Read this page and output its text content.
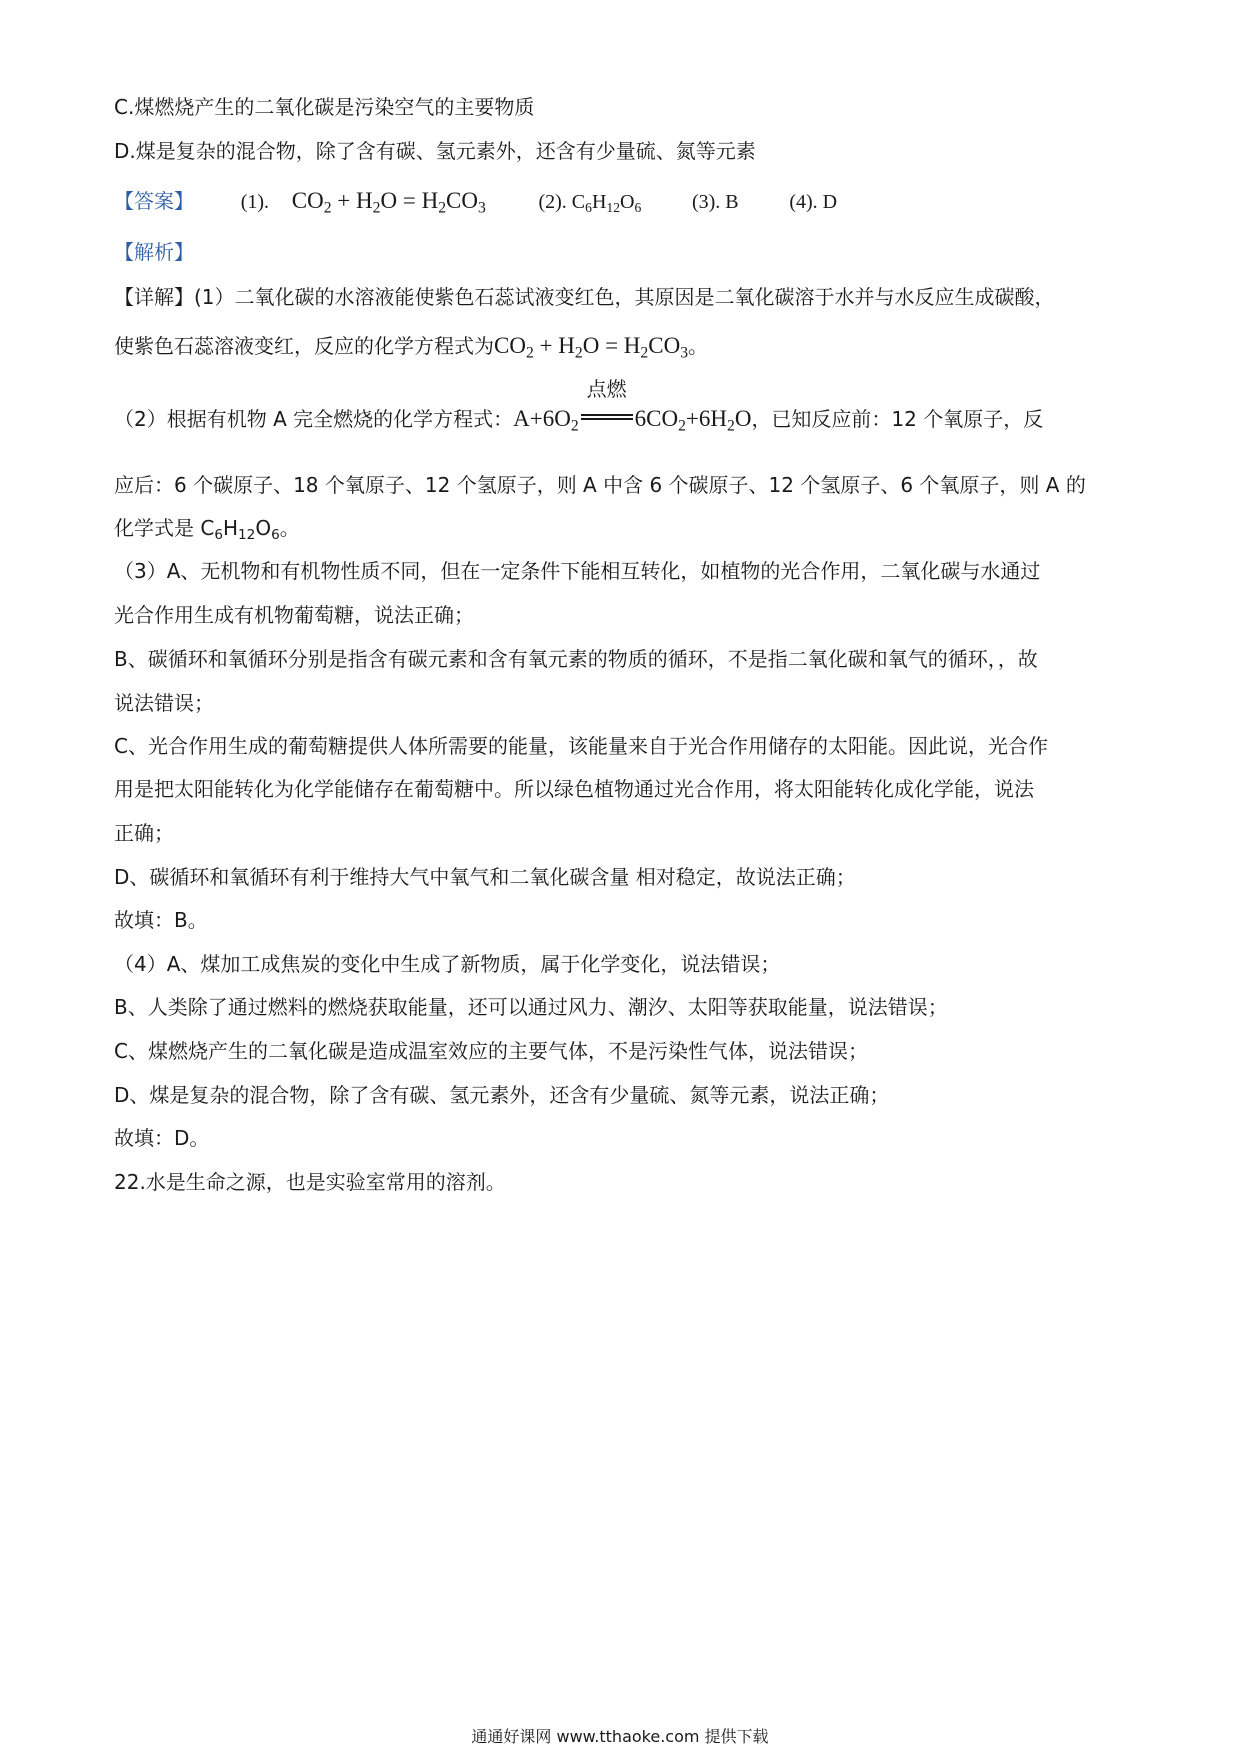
C.煤燃烧产生的二氧化碳是污染空气的主要物质
D.煤是复杂的混合物，除了含有碳、氢元素外，还含有少量硫、氮等元素
【答案】 (1). $CO_2 + H_2O = H_2CO_3$	(2). $C_6H_{12}O_6$	(3). B	(4). D
【解析】
【详解】(1）二氧化碳的水溶液能使紫色石蕊试液变红色，其原因是二氧化碳溶于水并与水反应生成碳酸，
使紫色石蕊溶液变红，反应的化学方程式为$CO_2 + H_2O = H_2CO_3$。
（2）根据有机物 A 完全燃烧的化学方程式：$A+6O_2$
点燃
$6CO_2+6H_2O$，已知反应前：12 个氧原子，反
应后：6 个碳原子、18 个氧原子、12 个氢原子，则 A 中含 6 个碳原子、12 个氢原子、6 个氧原子，则 A 的
化学式是 $C_6H_{12}O_6$。
（3）A、无机物和有机物性质不同，但在一定条件下能相互转化，如植物的光合作用，二氧化碳与水通过
光合作用生成有机物葡萄糖，说法正确；
B、碳循环和氧循环分别是指含有碳元素和含有氧元素的物质的循环，不是指二氧化碳和氧气的循环，，故
说法错误；
C、光合作用生成的葡萄糖提供人体所需要的能量，该能量来自于光合作用储存的太阳能。因此说，光合作
用是把太阳能转化为化学能储存在葡萄糖中。所以绿色植物通过光合作用，将太阳能转化成化学能，说法
正确；
D、碳循环和氧循环有利于维持大气中氧气和二氧化碳含量 相对稳定，故说法正确；
故填：B。
（4）A、煤加工成焦炭的变化中生成了新物质，属于化学变化，说法错误；
B、人类除了通过燃料的燃烧获取能量，还可以通过风力、潮汐、太阳等获取能量，说法错误；
C、煤燃烧产生的二氧化碳是造成温室效应的主要气体，不是污染性气体，说法错误；
D、煤是复杂的混合物，除了含有碳、氢元素外，还含有少量硫、氮等元素，说法正确；
故填：D。
22.水是生命之源，也是实验室常用的溶剂。
通通好课网 www.tthaoke.com 提供下载
